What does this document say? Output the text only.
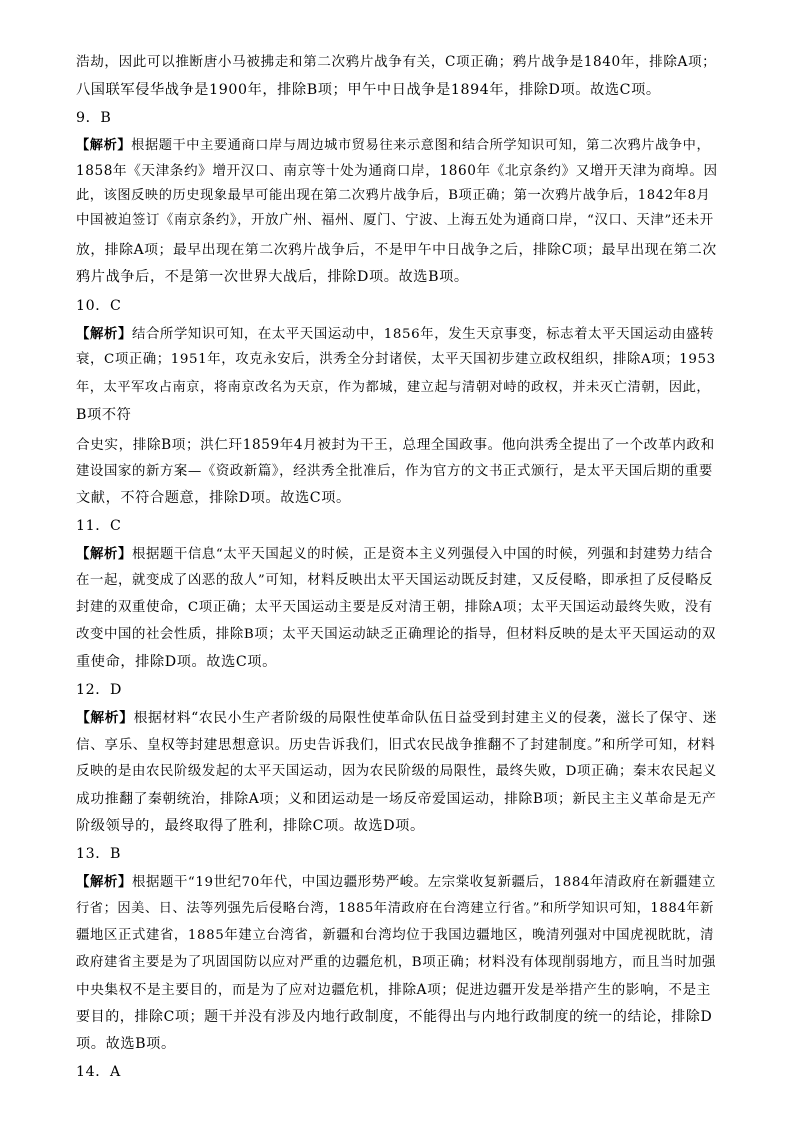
浩劫，因此可以推断唐小马被拂走和第二次鸦片战争有关，C项正确；鸦片战争是1840年，排除A项；
八国联军侵华战争是1900年，排除B项；甲午中日战争是1894年，排除D项。故选C项。
9．B
【解析】根据题干中主要通商口岸与周边城市贸易往来示意图和结合所学知识可知，第二次鸦片战争中，
1858年《天津条约》增开汉口、南京等十处为通商口岸，1860年《北京条约》又增开天津为商埠。因
此，该图反映的历史现象最早可能出现在第二次鸦片战争后，B项正确；第一次鸦片战争后，1842年8月
中国被迫签订《南京条约》，开放广州、福州、厦门、宁波、上海五处为通商口岸，“汉口、天津”还未开
放，排除A项；最早出现在第二次鸦片战争后，不是甲午中日战争之后，排除C项；最早出现在第二次
鸦片战争后，不是第一次世界大战后，排除D项。故选B项。
10．C
【解析】结合所学知识可知，在太平天国运动中，1856年，发生天京事变，标志着太平天国运动由盛转
衰，C项正确；1951年，攻克永安后，洪秀全分封诸侯，太平天国初步建立政权组织，排除A项；1953
年，太平军攻占南京，将南京改名为天京，作为都城，建立起与清朝对峙的政权，并未灭亡清朝，因此，
B项不符
合史实，排除B项；洪仁玕1859年4月被封为干王，总理全国政事。他向洪秀全提出了一个改革内政和
建设国家的新方案—《资政新篇》，经洪秀全批准后，作为官方的文书正式颁行，是太平天国后期的重要
文献，不符合题意，排除D项。故选C项。
11．C
【解析】根据题干信息“太平天国起义的时候，正是资本主义列强侵入中国的时候，列强和封建势力结合
在一起，就变成了凶恶的敌人”可知，材料反映出太平天国运动既反封建，又反侵略，即承担了反侵略反
封建的双重使命，C项正确；太平天国运动主要是反对清王朝，排除A项；太平天国运动最终失败，没有
改变中国的社会性质，排除B项；太平天国运动缺乏正确理论的指导，但材料反映的是太平天国运动的双
重使命，排除D项。故选C项。
12．D
【解析】根据材料“农民小生产者阶级的局限性使革命队伍日益受到封建主义的侵袭，滋长了保守、迷
信、享乐、皇权等封建思想意识。历史告诉我们，旧式农民战争推翻不了封建制度。”和所学可知，材料
反映的是由农民阶级发起的太平天国运动，因为农民阶级的局限性，最终失败，D项正确；秦末农民起义
成功推翻了秦朝统治，排除A项；义和团运动是一场反帝爱国运动，排除B项；新民主主义革命是无产
阶级领导的，最终取得了胜利，排除C项。故选D项。
13．B
【解析】根据题干“19世纪70年代，中国边疆形势严峻。左宗棠收复新疆后，1884年清政府在新疆建立
行省；因美、日、法等列强先后侵略台湾，1885年清政府在台湾建立行省。”和所学知识可知，1884年新
疆地区正式建省，1885年建立台湾省，新疆和台湾均位于我国边疆地区，晚清列强对中国虎视眈眈，清
政府建省主要是为了巩固国防以应对严重的边疆危机，B项正确；材料没有体现削弱地方，而且当时加强
中央集权不是主要目的，而是为了应对边疆危机，排除A项；促进边疆开发是举措产生的影响，不是主
要目的，排除C项；题干并没有涉及内地行政制度，不能得出与内地行政制度的统一的结论，排除D
项。故选B项。
14．A
